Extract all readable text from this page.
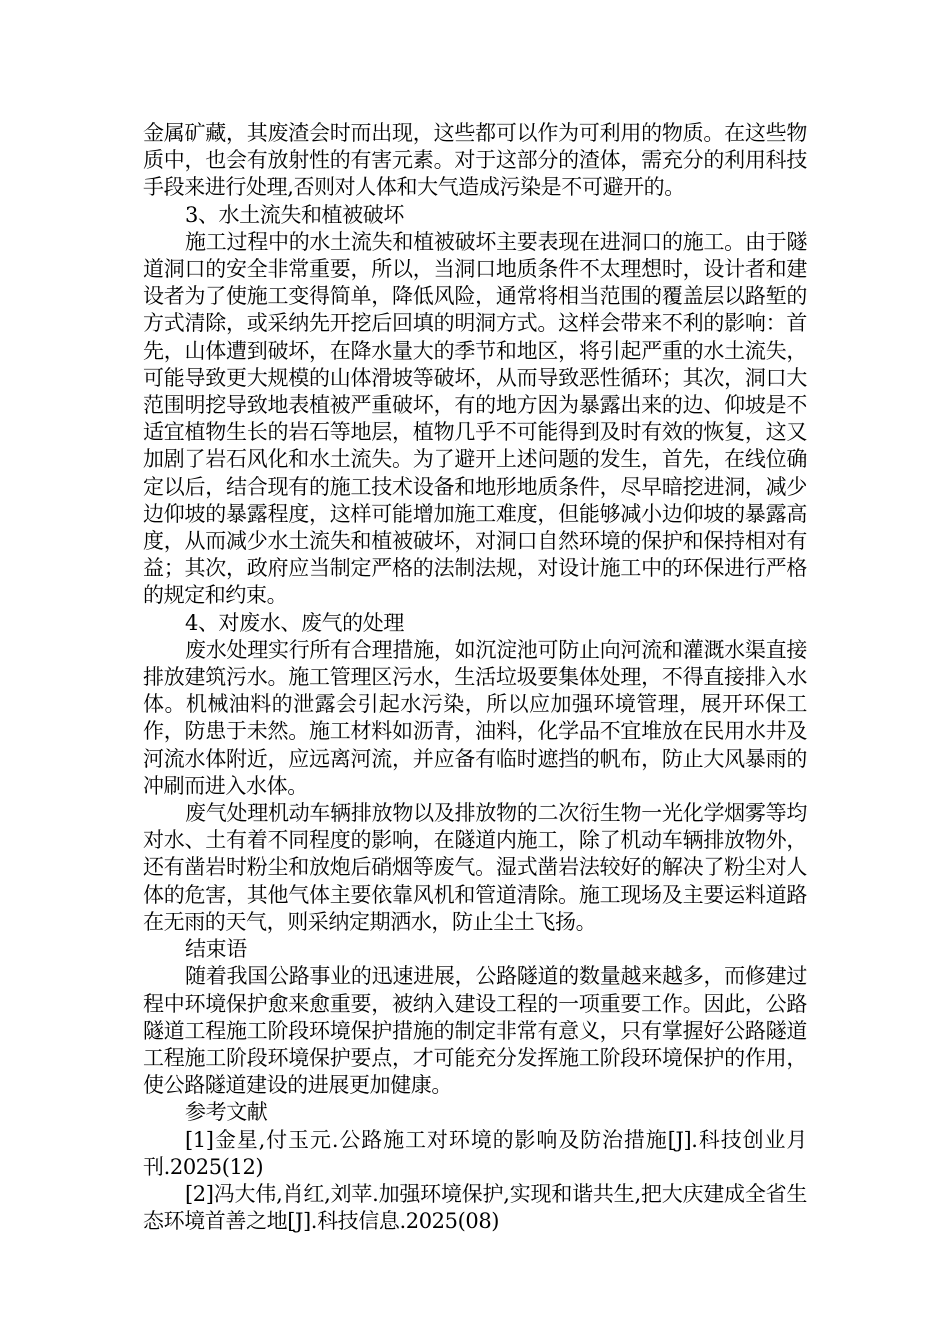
金属矿藏，其废渣会时而出现，这些都可以作为可利用的物质。在这些物质中，也会有放射性的有害元素。对于这部分的渣体，需充分的利用科技手段来进行处理,否则对人体和大气造成污染是不可避开的。

3、水土流失和植被破坏

施工过程中的水土流失和植被破坏主要表现在进洞口的施工。由于隧道洞口的安全非常重要，所以，当洞口地质条件不太理想时，设计者和建设者为了使施工变得简单，降低风险，通常将相当范围的覆盖层以路堑的方式清除，或采纳先开挖后回填的明洞方式。这样会带来不利的影响：首先，山体遭到破坏，在降水量大的季节和地区，将引起严重的水土流失，可能导致更大规模的山体滑坡等破坏，从而导致恶性循环；其次，洞口大范围明挖导致地表植被严重破坏，有的地方因为暴露出来的边、仰坡是不适宜植物生长的岩石等地层，植物几乎不可能得到及时有效的恢复，这又加剧了岩石风化和水土流失。为了避开上述问题的发生，首先，在线位确定以后，结合现有的施工技术设备和地形地质条件，尽早暗挖进洞，减少边仰坡的暴露程度，这样可能增加施工难度，但能够减小边仰坡的暴露高度，从而减少水土流失和植被破坏，对洞口自然环境的保护和保持相对有益；其次，政府应当制定严格的法制法规，对设计施工中的环保进行严格的规定和约束。

4、对废水、废气的处理

废水处理实行所有合理措施，如沉淀池可防止向河流和灌溉水渠直接排放建筑污水。施工管理区污水，生活垃圾要集体处理，不得直接排入水体。机械油料的泄露会引起水污染，所以应加强环境管理，展开环保工作，防患于未然。施工材料如沥青，油料，化学品不宜堆放在民用水井及河流水体附近，应远离河流，并应备有临时遮挡的帆布，防止大风暴雨的冲刷而进入水体。

废气处理机动车辆排放物以及排放物的二次衍生物一光化学烟雾等均对水、土有着不同程度的影响，在隧道内施工，除了机动车辆排放物外，还有凿岩时粉尘和放炮后硝烟等废气。湿式凿岩法较好的解决了粉尘对人体的危害，其他气体主要依靠风机和管道清除。施工现场及主要运料道路在无雨的天气，则采纳定期洒水，防止尘土飞扬。

结束语

随着我国公路事业的迅速进展，公路隧道的数量越来越多，而修建过程中环境保护愈来愈重要，被纳入建设工程的一项重要工作。因此，公路隧道工程施工阶段环境保护措施的制定非常有意义，只有掌握好公路隧道工程施工阶段环境保护要点，才可能充分发挥施工阶段环境保护的作用，使公路隧道建设的进展更加健康。

参考文献

[1]金星,付玉元.公路施工对环境的影响及防治措施[J].科技创业月刊.2025(12)

[2]冯大伟,肖红,刘苹.加强环境保护,实现和谐共生,把大庆建成全省生态环境首善之地[J].科技信息.2025(08)
